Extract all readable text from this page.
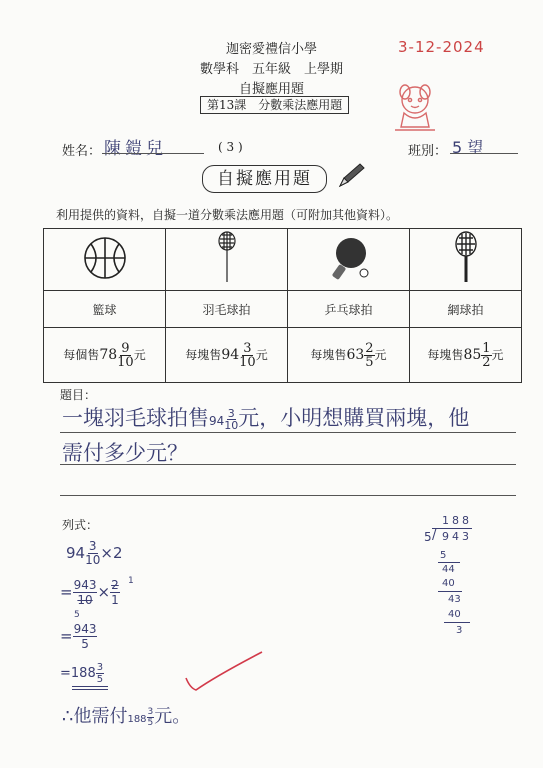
迦密愛禮信小學
數學科　五年級　上學期
自擬應用題
第13課　分數乘法應用題
3-12-2024
姓名： 陳鎧兒	( 3 )	班別： 5 望
自擬應用題
利用提供的資料，自擬一道分數乘法應用題（可附加其他資料）。

籃球	羽毛球拍	乒乓球拍	網球拍
每個售$78 \frac{9}{10}$ 元	每塊售$94 \frac{3}{10}$ 元	每塊售$63 \frac{2}{5}$ 元	每塊售$85 \frac{1}{2}$ 元
題目：
一塊羽毛球拍售$94 \frac{3}{10}$ 元，小明想購買兩塊，他
需付多少元？
列式：
$94 \frac{3}{10} \times 2$
= $\frac{943}{10} \times \frac{2}{1}$
5
1
= $\frac{943}{5}$
$=188 \frac{3}{5}$
∴他需付$188 \frac{3}{5}$ 元。
188
5 / 943
5
44
40
43
40
3
